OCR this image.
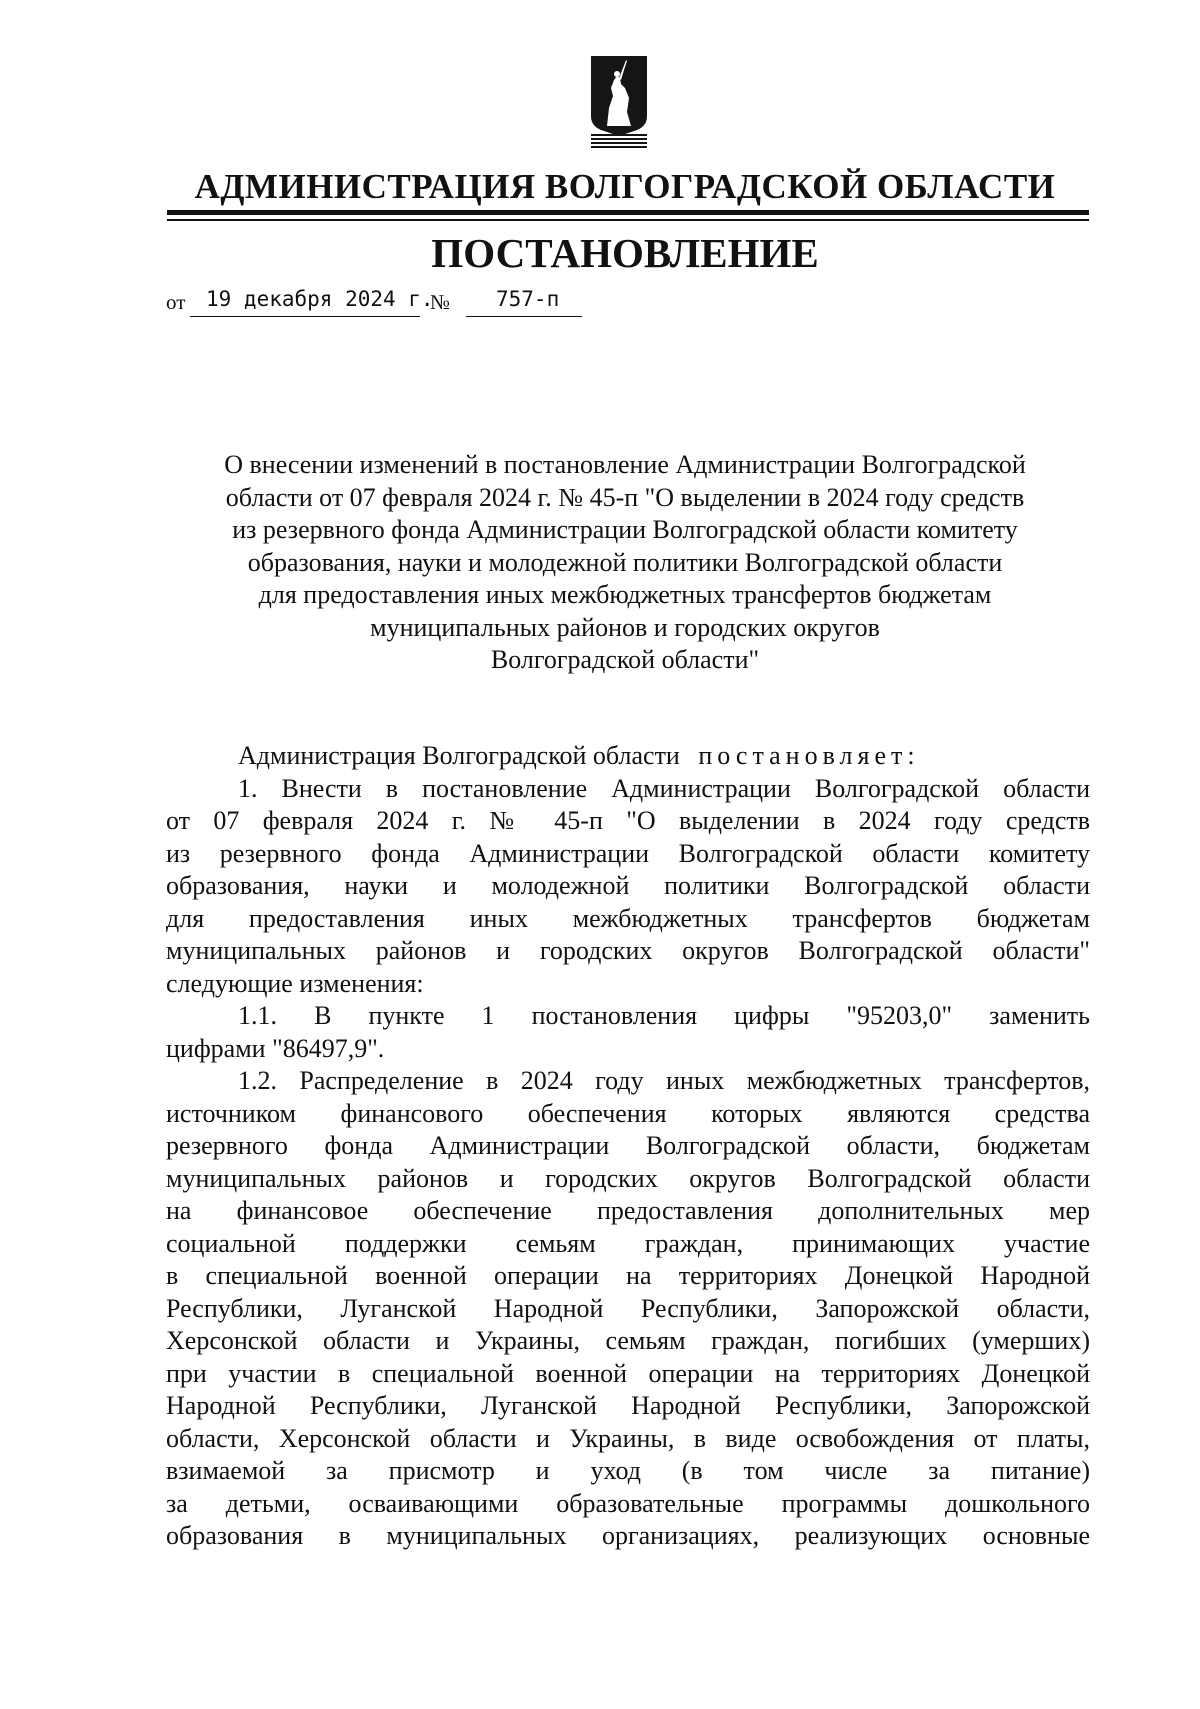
АДМИНИСТРАЦИЯ ВОЛГОГРАДСКОЙ ОБЛАСТИ
ПОСТАНОВЛЕНИЕ
от 19 декабря 2024 г.
№ 757-п
О внесении изменений в постановление Администрации Волгоградской
области от 07 февраля 2024 г. № 45-п "О выделении в 2024 году средств
из резервного фонда Администрации Волгоградской области комитету
образования, науки и молодежной политики Волгоградской области
для предоставления иных межбюджетных трансфертов бюджетам
муниципальных районов и городских округов
Волгоградской области"
Администрация Волгоградской области постановляет:
1. Внести в постановление Администрации Волгоградской области
от 07 февраля 2024 г. № 45-п "О выделении в 2024 году средств
из резервного фонда Администрации Волгоградской области комитету
образования, науки и молодежной политики Волгоградской области
для предоставления иных межбюджетных трансфертов бюджетам
муниципальных районов и городских округов Волгоградской области"
следующие изменения:
1.1. В пункте 1 постановления цифры "95203,0" заменить
цифрами "86497,9".
1.2. Распределение в 2024 году иных межбюджетных трансфертов,
источником финансового обеспечения которых являются средства
резервного фонда Администрации Волгоградской области, бюджетам
муниципальных районов и городских округов Волгоградской области
на финансовое обеспечение предоставления дополнительных мер
социальной поддержки семьям граждан, принимающих участие
в специальной военной операции на территориях Донецкой Народной
Республики, Луганской Народной Республики, Запорожской области,
Херсонской области и Украины, семьям граждан, погибших (умерших)
при участии в специальной военной операции на территориях Донецкой
Народной Республики, Луганской Народной Республики, Запорожской
области, Херсонской области и Украины, в виде освобождения от платы,
взимаемой за присмотр и уход (в том числе за питание)
за детьми, осваивающими образовательные программы дошкольного
образования в муниципальных организациях, реализующих основные
